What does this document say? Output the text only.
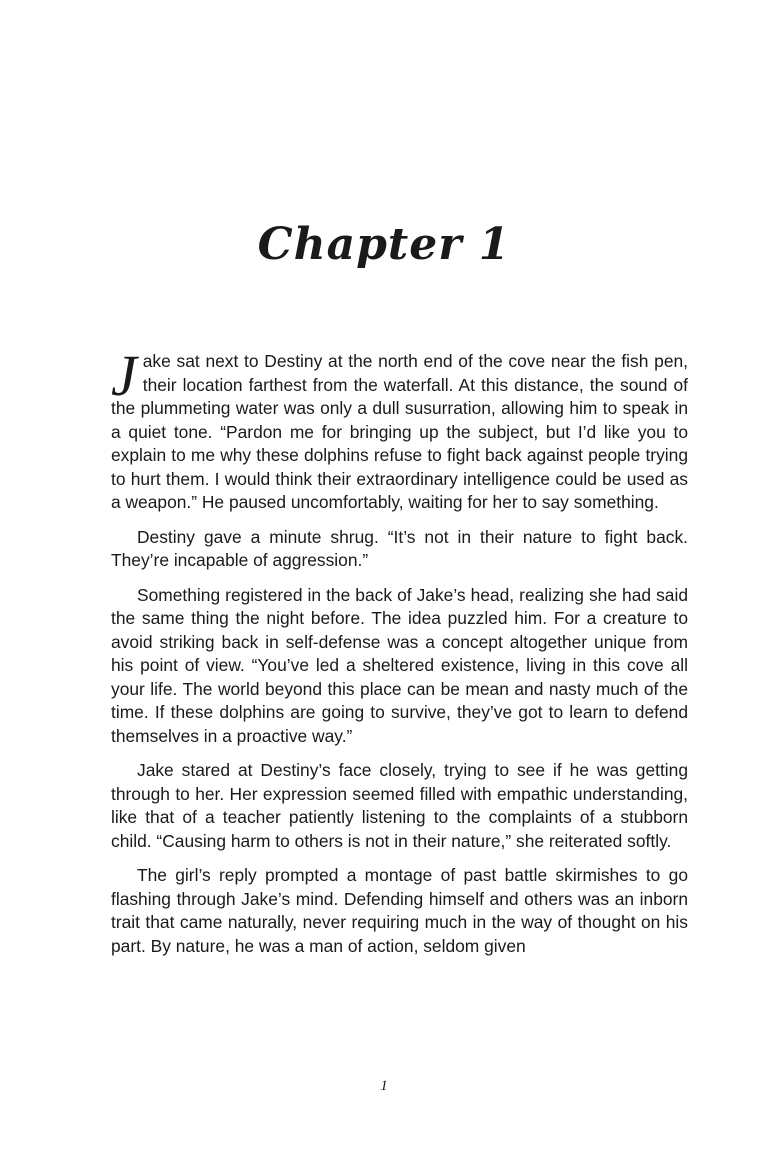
Chapter 1

Jake sat next to Destiny at the north end of the cove near the fish pen, their location farthest from the waterfall. At this distance, the sound of the plummeting water was only a dull susurration, allowing him to speak in a quiet tone. “Pardon me for bringing up the subject, but I’d like you to explain to me why these dolphins refuse to fight back against people trying to hurt them. I would think their extraordinary intelligence could be used as a weapon.” He paused uncomfortably, waiting for her to say something.

Destiny gave a minute shrug. “It’s not in their nature to fight back. They’re incapable of aggression.”

Something registered in the back of Jake’s head, realizing she had said the same thing the night before. The idea puzzled him. For a creature to avoid striking back in self-defense was a concept altogether unique from his point of view. “You’ve led a sheltered existence, living in this cove all your life. The world beyond this place can be mean and nasty much of the time. If these dolphins are going to survive, they’ve got to learn to defend themselves in a proactive way.”

Jake stared at Destiny’s face closely, trying to see if he was getting through to her. Her expression seemed filled with empathic understanding, like that of a teacher patiently listening to the complaints of a stubborn child. “Causing harm to others is not in their nature,” she reiterated softly.

The girl’s reply prompted a montage of past battle skirmishes to go flashing through Jake’s mind. Defending himself and others was an inborn trait that came naturally, never requiring much in the way of thought on his part. By nature, he was a man of action, seldom given

1
